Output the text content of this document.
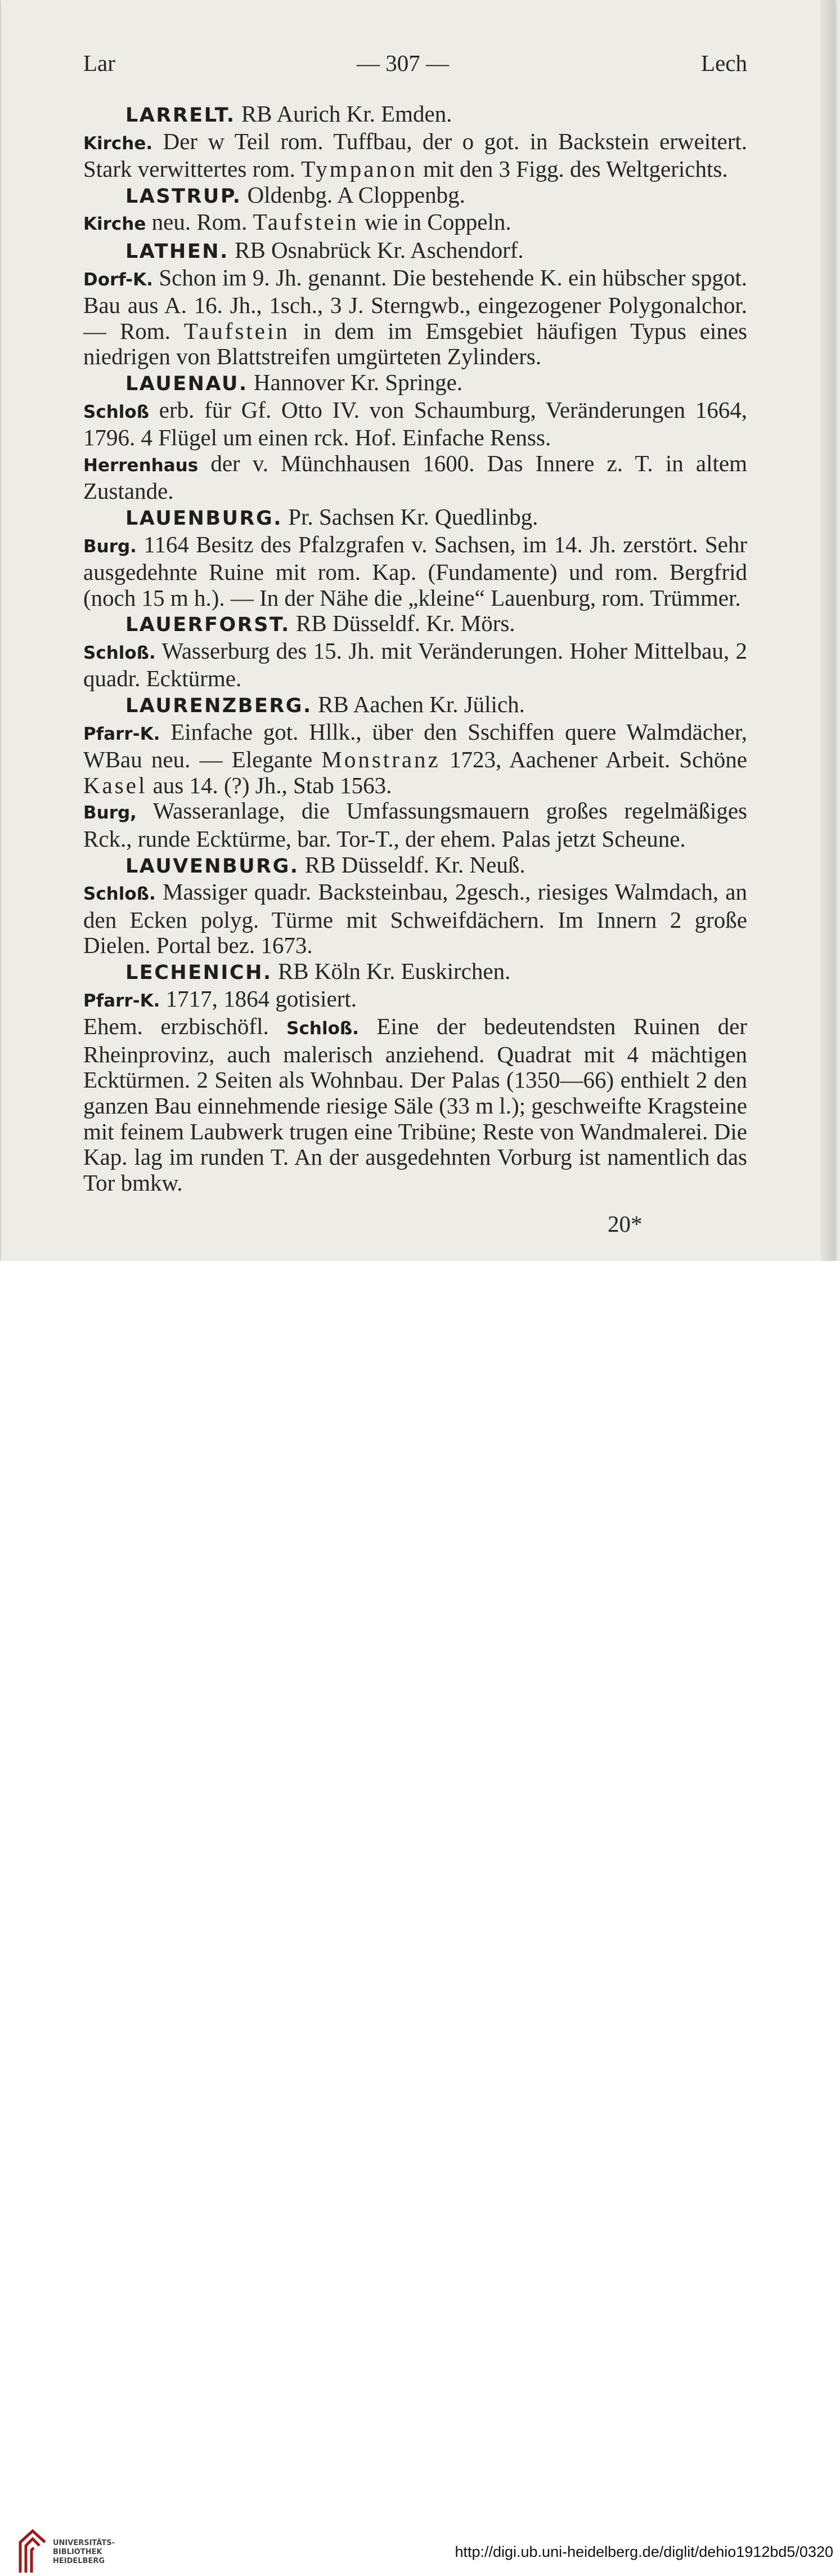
Lar	— 307 —	Lech

LARRELT. RB Aurich Kr. Emden.

Kirche. Der w Teil rom. Tuffbau, der o got. in Backstein erweitert. Stark verwittertes rom. Tympanon mit den 3 Figg. des Weltgerichts.

LASTRUP. Oldenbg. A Cloppenbg.

Kirche neu. Rom. Taufstein wie in Coppeln.

LATHEN. RB Osnabrück Kr. Aschendorf.

Dorf-K. Schon im 9. Jh. genannt. Die bestehende K. ein hübscher spgot. Bau aus A. 16. Jh., 1sch., 3 J. Sterngwb., eingezogener Polygonalchor. — Rom. Taufstein in dem im Emsgebiet häufigen Typus eines niedrigen von Blattstreifen umgürteten Zylinders.

LAUENAU. Hannover Kr. Springe.

Schloß erb. für Gf. Otto IV. von Schaumburg, Veränderungen 1664, 1796. 4 Flügel um einen rck. Hof. Einfache Renss.

Herrenhaus der v. Münchhausen 1600. Das Innere z. T. in altem Zustande.

LAUENBURG. Pr. Sachsen Kr. Quedlinbg.

Burg. 1164 Besitz des Pfalzgrafen v. Sachsen, im 14. Jh. zerstört. Sehr ausgedehnte Ruine mit rom. Kap. (Fundamente) und rom. Bergfrid (noch 15 m h.). — In der Nähe die „kleine“ Lauenburg, rom. Trümmer.

LAUERFORST. RB Düsseldf. Kr. Mörs.

Schloß. Wasserburg des 15. Jh. mit Veränderungen. Hoher Mittelbau, 2 quadr. Ecktürme.

LAURENZBERG. RB Aachen Kr. Jülich.

Pfarr-K. Einfache got. Hllk., über den Sschiffen quere Walmdächer, WBau neu. — Elegante Monstranz 1723, Aachener Arbeit. Schöne Kasel aus 14. (?) Jh., Stab 1563.

Burg, Wasseranlage, die Umfassungsmauern großes regelmäßiges Rck., runde Ecktürme, bar. Tor-T., der ehem. Palas jetzt Scheune.

LAUVENBURG. RB Düsseldf. Kr. Neuß.

Schloß. Massiger quadr. Backsteinbau, 2gesch., riesiges Walmdach, an den Ecken polyg. Türme mit Schweifdächern. Im Innern 2 große Dielen. Portal bez. 1673.

LECHENICH. RB Köln Kr. Euskirchen.

Pfarr-K. 1717, 1864 gotisiert.

Ehem. erzbischöfl. Schloß. Eine der bedeutendsten Ruinen der Rheinprovinz, auch malerisch anziehend. Quadrat mit 4 mächtigen Ecktürmen. 2 Seiten als Wohnbau. Der Palas (1350—66) enthielt 2 den ganzen Bau einnehmende riesige Säle (33 m l.); geschweifte Kragsteine mit feinem Laubwerk trugen eine Tribüne; Reste von Wandmalerei. Die Kap. lag im runden T. An der ausgedehnten Vorburg ist namentlich das Tor bmkw.

20*
UNIVERSITÄTS-
BIBLIOTHEK
HEIDELBERG
http://digi.ub.uni-heidelberg.de/diglit/dehio1912bd5/0320
